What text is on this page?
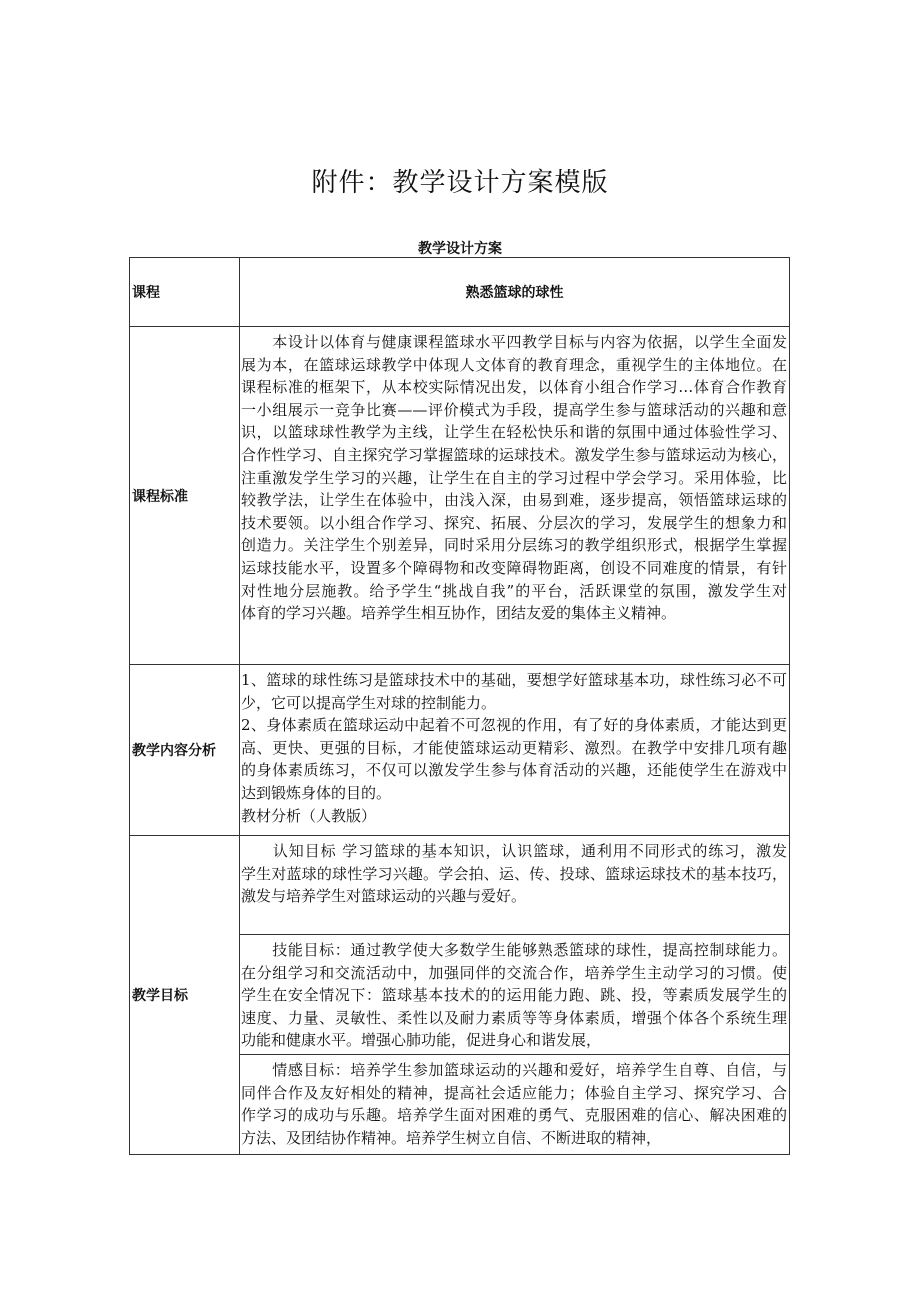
附件：教学设计方案模版
教学设计方案
课程	熟悉篮球的球性
课程标准
　　本设计以体育与健康课程篮球水平四教学目标与内容为依据，以学生全面发
展为本，在篮球运球教学中体现人文体育的教育理念，重视学生的主体地位。在
课程标准的框架下，从本校实际情况出发，以体育小组合作学习…体育合作教育
一小组展示一竞争比赛——评价模式为手段，提高学生参与篮球活动的兴趣和意
识，以篮球球性教学为主线，让学生在轻松快乐和谐的氛围中通过体验性学习、
合作性学习、自主探究学习掌握篮球的运球技术。激发学生参与篮球运动为核心，
注重激发学生学习的兴趣，让学生在自主的学习过程中学会学习。采用体验，比
较教学法，让学生在体验中，由浅入深，由易到难，逐步提高，领悟篮球运球的
技术要领。以小组合作学习、探究、拓展、分层次的学习，发展学生的想象力和
创造力。关注学生个别差异，同时采用分层练习的教学组织形式，根据学生掌握
运球技能水平，设置多个障碍物和改变障碍物距离，创设不同难度的情景，有针
对性地分层施教。给予学生“挑战自我”的平台，活跃课堂的氛围，激发学生对
体育的学习兴趣。培养学生相互协作，团结友爱的集体主义精神。
教学内容分析
1、篮球的球性练习是篮球技术中的基础，要想学好篮球基本功，球性练习必不可
少，它可以提高学生对球的控制能力。
2、身体素质在篮球运动中起着不可忽视的作用，有了好的身体素质，才能达到更
高、更快、更强的目标，才能使篮球运动更精彩、激烈。在教学中安排几项有趣
的身体素质练习，不仅可以激发学生参与体育活动的兴趣，还能使学生在游戏中
达到锻炼身体的目的。
教材分析（人教版）
教学目标
　　认知目标 学习篮球的基本知识，认识篮球，通利用不同形式的练习，激发
学生对蓝球的球性学习兴趣。学会拍、运、传、投球、篮球运球技术的基本技巧，
激发与培养学生对篮球运动的兴趣与爱好。
　　技能目标：通过教学使大多数学生能够熟悉篮球的球性，提高控制球能力。
在分组学习和交流活动中，加强同伴的交流合作，培养学生主动学习的习惯。使
学生在安全情况下：篮球基本技术的的运用能力跑、跳、投，等素质发展学生的
速度、力量、灵敏性、柔性以及耐力素质等等身体素质，增强个体各个系统生理
功能和健康水平。增强心肺功能，促进身心和谐发展，
　　情感目标：培养学生参加篮球运动的兴趣和爱好，培养学生自尊、自信，与
同伴合作及友好相处的精神，提高社会适应能力；体验自主学习、探究学习、合
作学习的成功与乐趣。培养学生面对困难的勇气、克服困难的信心、解决困难的
方法、及团结协作精神。培养学生树立自信、不断进取的精神，
